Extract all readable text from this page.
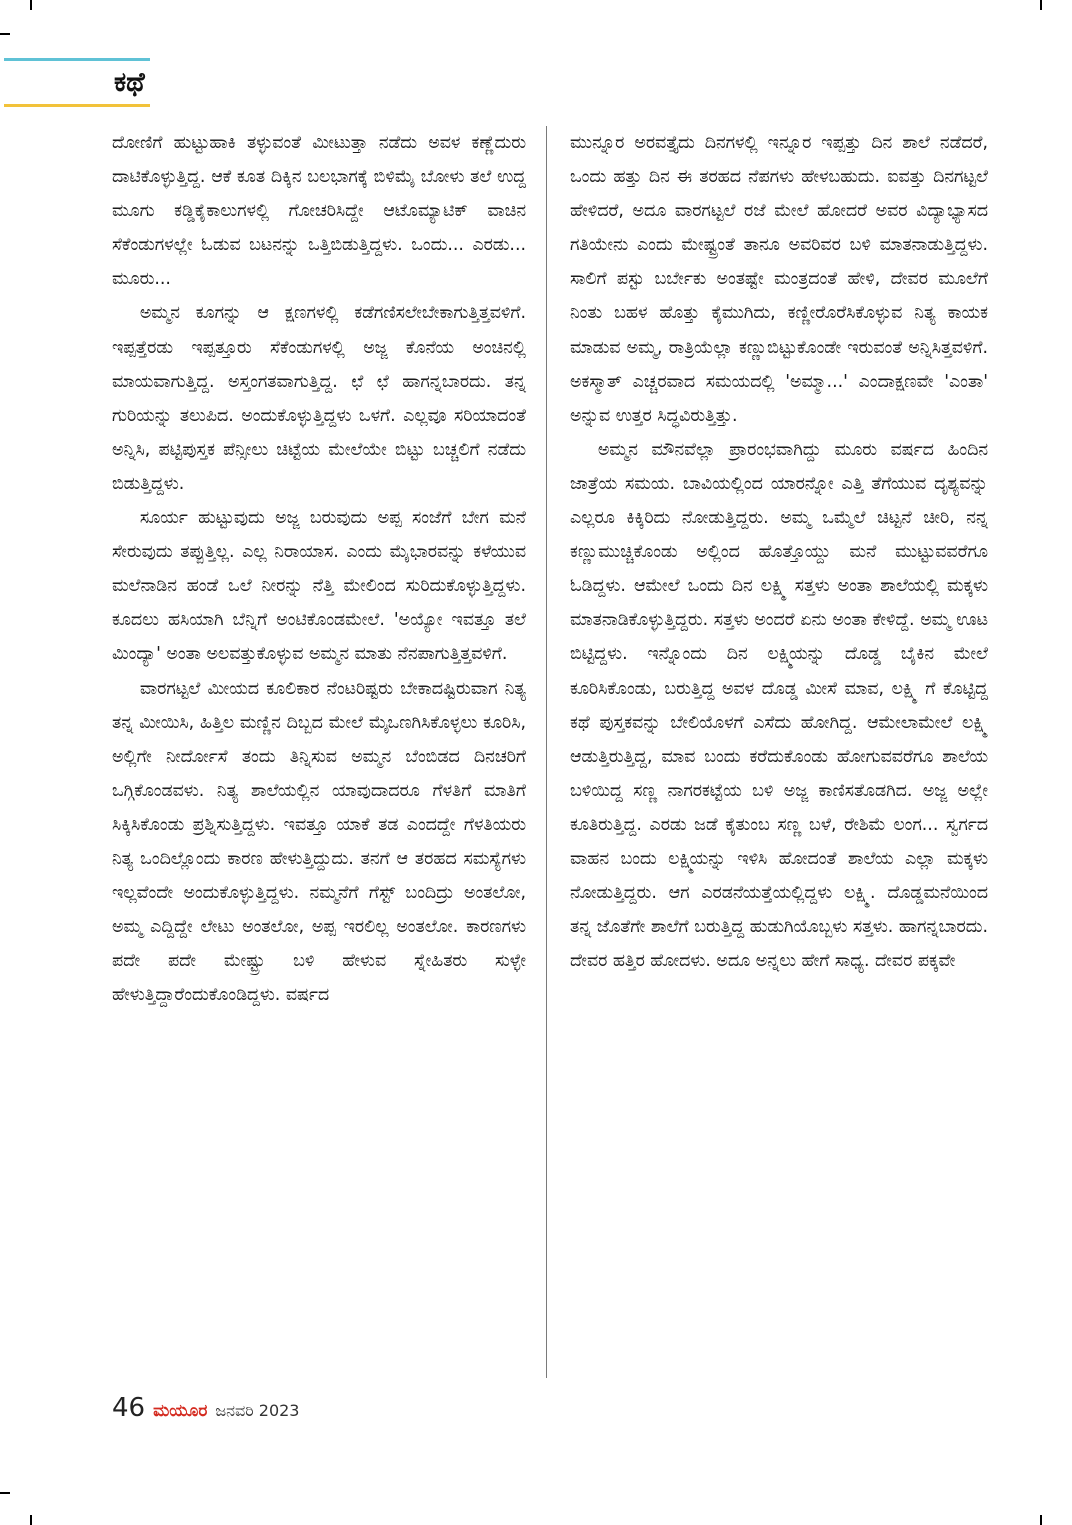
ಕಥೆ

ದೋಣಿಗೆ ಹುಟ್ಟುಹಾಕಿ ತಳ್ಳುವಂತೆ ಮೀಟುತ್ತಾ ನಡೆದು ಅವಳ ಕಣ್ಣೆದುರು ದಾಟಿಕೊಳ್ಳುತ್ತಿದ್ದ. ಆಕೆ ಕೂತ ದಿಕ್ಕಿನ ಬಲಭಾಗಕ್ಕೆ ಬಿಳಿಮೈ ಬೋಳು ತಲೆ ಉದ್ದ ಮೂಗು ಕಡ್ಡಿಕೈಕಾಲುಗಳಲ್ಲಿ ಗೋಚರಿಸಿದ್ದೇ ಆಟೊಮ್ಯಾಟಿಕ್ ವಾಚಿನ ಸೆಕೆಂಡುಗಳಲ್ಲೇ ಓಡುವ ಬಟನನ್ನು ಒತ್ತಿಬಿಡುತ್ತಿದ್ದಳು. ಒಂದು... ಎರಡು... ಮೂರು...

ಅಮ್ಮನ ಕೂಗನ್ನು ಆ ಕ್ಷಣಗಳಲ್ಲಿ ಕಡೆಗಣಿಸಲೇಬೇಕಾಗುತ್ತಿತ್ತವಳಿಗೆ. ಇಪ್ಪತ್ತೆರಡು ಇಪ್ಪತ್ತೂರು ಸೆಕೆಂಡುಗಳಲ್ಲಿ ಅಜ್ಜ ಕೊನೆಯ ಅಂಚಿನಲ್ಲಿ ಮಾಯವಾಗುತ್ತಿದ್ದ. ಅಸ್ತಂಗತವಾಗುತ್ತಿದ್ದ. ಛೆ ಛೆ ಹಾಗನ್ನಬಾರದು. ತನ್ನ ಗುರಿಯನ್ನು ತಲುಪಿದ. ಅಂದುಕೊಳ್ಳುತ್ತಿದ್ದಳು ಒಳಗೆ. ಎಲ್ಲವೂ ಸರಿಯಾದಂತೆ ಅನ್ನಿಸಿ, ಪಟ್ಟಿಪುಸ್ತಕ ಪೆನ್ಸೀಲು ಚಿಟ್ಟೆಯ ಮೇಲೆಯೇ ಬಿಟ್ಟು ಬಚ್ಚಲಿಗೆ ನಡೆದು ಬಿಡುತ್ತಿದ್ದಳು.

ಸೂರ್ಯ ಹುಟ್ಟುವುದು ಅಜ್ಜ ಬರುವುದು ಅಪ್ಪ ಸಂಜೆಗೆ ಬೇಗ ಮನೆ ಸೇರುವುದು ತಪ್ಪುತ್ತಿಲ್ಲ. ಎಲ್ಲ ನಿರಾಯಾಸ. ಎಂದು ಮೈಭಾರವನ್ನು ಕಳೆಯುವ ಮಲೆನಾಡಿನ ಹಂಡೆ ಒಲೆ ನೀರನ್ನು ನೆತ್ತಿ ಮೇಲಿಂದ ಸುರಿದುಕೊಳ್ಳುತ್ತಿದ್ದಳು. ಕೂದಲು ಹಸಿಯಾಗಿ ಬೆನ್ನಿಗೆ ಅಂಟಿಕೊಂಡಮೇಲೆ. 'ಅಯ್ಯೋ ಇವತ್ತೂ ತಲೆ ಮಿಂದ್ಯಾ' ಅಂತಾ ಅಲವತ್ತುಕೊಳ್ಳುವ ಅಮ್ಮನ ಮಾತು ನೆನಪಾಗುತ್ತಿತ್ತವಳಿಗೆ.

ವಾರಗಟ್ಟಲೆ ಮೀಯದ ಕೂಲಿಕಾರ ನೆಂಟರಿಷ್ಟರು ಬೇಕಾದಷ್ಟಿರುವಾಗ ನಿತ್ಯ ತನ್ನ ಮೀಯಿಸಿ, ಹಿತ್ತಿಲ ಮಣ್ಣಿನ ದಿಬ್ಬದ ಮೇಲೆ ಮೈಒಣಗಿಸಿಕೊಳ್ಳಲು ಕೂರಿಸಿ, ಅಲ್ಲಿಗೇ ನೀರ್ದೋಸೆ ತಂದು ತಿನ್ನಿಸುವ ಅಮ್ಮನ ಬೆಂಬಿಡದ ದಿನಚರಿಗೆ ಒಗ್ಗಿಕೊಂಡವಳು. ನಿತ್ಯ ಶಾಲೆಯಲ್ಲಿನ ಯಾವುದಾದರೂ ಗೆಳತಿಗೆ ಮಾತಿಗೆ ಸಿಕ್ಕಿಸಿಕೊಂಡು ಪ್ರಶ್ನಿಸುತ್ತಿದ್ದಳು. ಇವತ್ತೂ ಯಾಕೆ ತಡ ಎಂದದ್ದೇ ಗೆಳತಿಯರು ನಿತ್ಯ ಒಂದಿಲ್ಲೊಂದು ಕಾರಣ ಹೇಳುತ್ತಿದ್ದುದು. ತನಗೆ ಆ ತರಹದ ಸಮಸ್ಯೆಗಳು ಇಲ್ಲವೆಂದೇ ಅಂದುಕೊಳ್ಳುತ್ತಿದ್ದಳು. ನಮ್ಮನೆಗೆ ಗೆಸ್ಟ್ ಬಂದಿದ್ರು ಅಂತಲೋ, ಅಮ್ಮ ಎದ್ದಿದ್ದೇ ಲೇಟು ಅಂತಲೋ, ಅಪ್ಪ ಇರಲಿಲ್ಲ ಅಂತಲೋ. ಕಾರಣಗಳು ಪದೇ ಪದೇ ಮೇಷ್ಟ್ರು ಬಳಿ ಹೇಳುವ ಸ್ನೇಹಿತರು ಸುಳ್ಳೇ ಹೇಳುತ್ತಿದ್ದಾರೆಂದುಕೊಂಡಿದ್ದಳು. ವರ್ಷದ

ಮುನ್ನೂರ ಅರವತ್ತೈದು ದಿನಗಳಲ್ಲಿ ಇನ್ನೂರ ಇಪ್ಪತ್ತು ದಿನ ಶಾಲೆ ನಡೆದರೆ, ಒಂದು ಹತ್ತು ದಿನ ಈ ತರಹದ ನೆಪಗಳು ಹೇಳಬಹುದು. ಐವತ್ತು ದಿನಗಟ್ಟಲೆ ಹೇಳಿದರೆ, ಅದೂ ವಾರಗಟ್ಟಲೆ ರಜೆ ಮೇಲೆ ಹೋದರೆ ಅವರ ವಿದ್ಯಾಭ್ಯಾಸದ ಗತಿಯೇನು ಎಂದು ಮೇಷ್ಟ್ರಂತೆ ತಾನೂ ಅವರಿವರ ಬಳಿ ಮಾತನಾಡುತ್ತಿದ್ದಳು. ಸಾಲಿಗೆ ಪಸ್ಟು ಬರ್ಬೇಕು ಅಂತಷ್ಟೇ ಮಂತ್ರದಂತೆ ಹೇಳಿ, ದೇವರ ಮೂಲೆಗೆ ನಿಂತು ಬಹಳ ಹೊತ್ತು ಕೈಮುಗಿದು, ಕಣ್ಣೀರೊರೆಸಿಕೊಳ್ಳುವ ನಿತ್ಯ ಕಾಯಕ ಮಾಡುವ ಅಮ್ಮ, ರಾತ್ರಿಯೆಲ್ಲಾ ಕಣ್ಣುಬಿಟ್ಟುಕೊಂಡೇ ಇರುವಂತೆ ಅನ್ನಿಸಿತ್ತವಳಿಗೆ. ಅಕಸ್ಮಾತ್ ಎಚ್ಚರವಾದ ಸಮಯದಲ್ಲಿ 'ಅಮ್ಮಾ...' ಎಂದಾಕ್ಷಣವೇ 'ಎಂತಾ' ಅನ್ನುವ ಉತ್ತರ ಸಿದ್ಧವಿರುತ್ತಿತ್ತು.

ಅಮ್ಮನ ಮೌನವೆಲ್ಲಾ ಪ್ರಾರಂಭವಾಗಿದ್ದು ಮೂರು ವರ್ಷದ ಹಿಂದಿನ ಜಾತ್ರೆಯ ಸಮಯ. ಬಾವಿಯಲ್ಲಿಂದ ಯಾರನ್ನೋ ಎತ್ತಿ ತೆಗೆಯುವ ದೃಶ್ಯವನ್ನು ಎಲ್ಲರೂ ಕಿಕ್ಕಿರಿದು ನೋಡುತ್ತಿದ್ದರು. ಅಮ್ಮ ಒಮ್ಮೆಲೆ ಚಿಟ್ಟನೆ ಚೀರಿ, ನನ್ನ ಕಣ್ಣುಮುಚ್ಚಿಕೊಂಡು ಅಲ್ಲಿಂದ ಹೊತ್ತೊಯ್ದು ಮನೆ ಮುಟ್ಟುವವರೆಗೂ ಓಡಿದ್ದಳು. ಆಮೇಲೆ ಒಂದು ದಿನ ಲಕ್ಷ್ಮಿ ಸತ್ತಳು ಅಂತಾ ಶಾಲೆಯಲ್ಲಿ ಮಕ್ಕಳು ಮಾತನಾಡಿಕೊಳ್ಳುತ್ತಿದ್ದರು. ಸತ್ತಳು ಅಂದರೆ ಏನು ಅಂತಾ ಕೇಳಿದ್ದೆ. ಅಮ್ಮ ಊಟ ಬಿಟ್ಟಿದ್ದಳು. ಇನ್ನೊಂದು ದಿನ ಲಕ್ಷ್ಮಿಯನ್ನು ದೊಡ್ಡ ಬೈಕಿನ ಮೇಲೆ ಕೂರಿಸಿಕೊಂಡು, ಬರುತ್ತಿದ್ದ ಅವಳ ದೊಡ್ಡ ಮೀಸೆ ಮಾವ, ಲಕ್ಷ್ಮಿ ಗೆ ಕೊಟ್ಟಿದ್ದ ಕಥೆ ಪುಸ್ತಕವನ್ನು ಬೇಲಿಯೊಳಗೆ ಎಸೆದು ಹೋಗಿದ್ದ. ಆಮೇಲಾಮೇಲೆ ಲಕ್ಷ್ಮಿ ಆಡುತ್ತಿರುತ್ತಿದ್ದ, ಮಾವ ಬಂದು ಕರೆದುಕೊಂಡು ಹೋಗುವವರೆಗೂ ಶಾಲೆಯ ಬಳಿಯಿದ್ದ ಸಣ್ಣ ನಾಗರಕಟ್ಟೆಯ ಬಳಿ ಅಜ್ಜ ಕಾಣಿಸತೊಡಗಿದ. ಅಜ್ಜ ಅಲ್ಲೇ ಕೂತಿರುತ್ತಿದ್ದ. ಎರಡು ಜಡೆ ಕೈತುಂಬ ಸಣ್ಣ ಬಳೆ, ರೇಶಿಮೆ ಲಂಗ... ಸ್ವರ್ಗದ ವಾಹನ ಬಂದು ಲಕ್ಷ್ಮಿಯನ್ನು ಇಳಿಸಿ ಹೋದಂತೆ ಶಾಲೆಯ ಎಲ್ಲಾ ಮಕ್ಕಳು ನೋಡುತ್ತಿದ್ದರು. ಆಗ ಎರಡನೆಯತ್ತೆಯಲ್ಲಿದ್ದಳು ಲಕ್ಷ್ಮಿ. ದೊಡ್ಡಮನೆಯಿಂದ ತನ್ನ ಜೊತೆಗೇ ಶಾಲೆಗೆ ಬರುತ್ತಿದ್ದ ಹುಡುಗಿಯೊಬ್ಬಳು ಸತ್ತಳು. ಹಾಗನ್ನಬಾರದು. ದೇವರ ಹತ್ತಿರ ಹೋದಳು. ಅದೂ ಅನ್ನಲು ಹೇಗೆ ಸಾಧ್ಯ. ದೇವರ ಪಕ್ಕವೇ

46 ಮಯೂರ ಜನವರಿ 2023
